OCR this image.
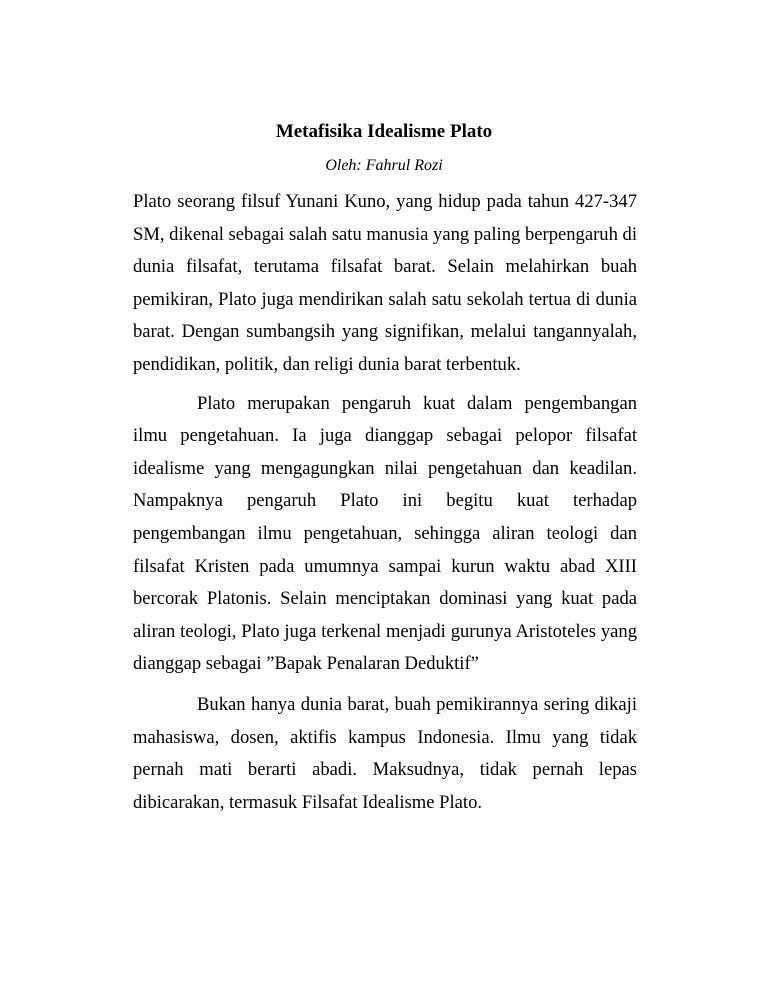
Metafisika Idealisme Plato

Oleh: Fahrul Rozi

Plato seorang filsuf Yunani Kuno, yang hidup pada tahun 427-347 SM, dikenal sebagai salah satu manusia yang paling berpengaruh di dunia filsafat, terutama filsafat barat. Selain melahirkan buah pemikiran, Plato juga mendirikan salah satu sekolah tertua di dunia barat. Dengan sumbangsih yang signifikan, melalui tangannyalah, pendidikan, politik, dan religi dunia barat terbentuk.

Plato merupakan pengaruh kuat dalam pengembangan ilmu pengetahuan. Ia juga dianggap sebagai pelopor filsafat idealisme yang mengagungkan nilai pengetahuan dan keadilan. Nampaknya pengaruh Plato ini begitu kuat terhadap pengembangan ilmu pengetahuan, sehingga aliran teologi dan filsafat Kristen pada umumnya sampai kurun waktu abad XIII bercorak Platonis. Selain menciptakan dominasi yang kuat pada aliran teologi, Plato juga terkenal menjadi gurunya Aristoteles yang dianggap sebagai ”Bapak Penalaran Deduktif”

Bukan hanya dunia barat, buah pemikirannya sering dikaji mahasiswa, dosen, aktifis kampus Indonesia. Ilmu yang tidak pernah mati berarti abadi. Maksudnya, tidak pernah lepas dibicarakan, termasuk Filsafat Idealisme Plato.
